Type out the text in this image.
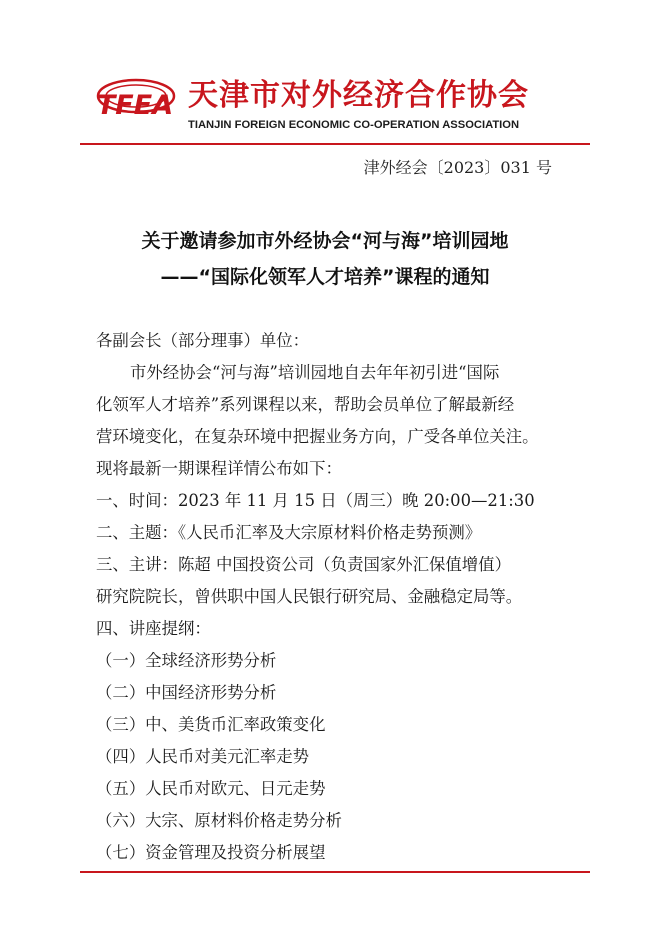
TFEA 天津市对外经济合作协会
TIANJIN FOREIGN ECONOMIC CO-OPERATION ASSOCIATION
津外经会〔2023〕031 号
关于邀请参加市外经协会“河与海”培训园地
——“国际化领军人才培养”课程的通知
各副会长（部分理事）单位：
市外经协会“河与海”培训园地自去年年初引进“国际
化领军人才培养”系列课程以来，帮助会员单位了解最新经
营环境变化，在复杂环境中把握业务方向，广受各单位关注。
现将最新一期课程详情公布如下：
一、时间：2023 年 11 月 15 日（周三）晚 20:00—21:30
二、主题：《人民币汇率及大宗原材料价格走势预测》
三、主讲：陈超 中国投资公司（负责国家外汇保值增值）
研究院院长，曾供职中国人民银行研究局、金融稳定局等。
四、讲座提纲：
（一）全球经济形势分析
（二）中国经济形势分析
（三）中、美货币汇率政策变化
（四）人民币对美元汇率走势
（五）人民币对欧元、日元走势
（六）大宗、原材料价格走势分析
（七）资金管理及投资分析展望
